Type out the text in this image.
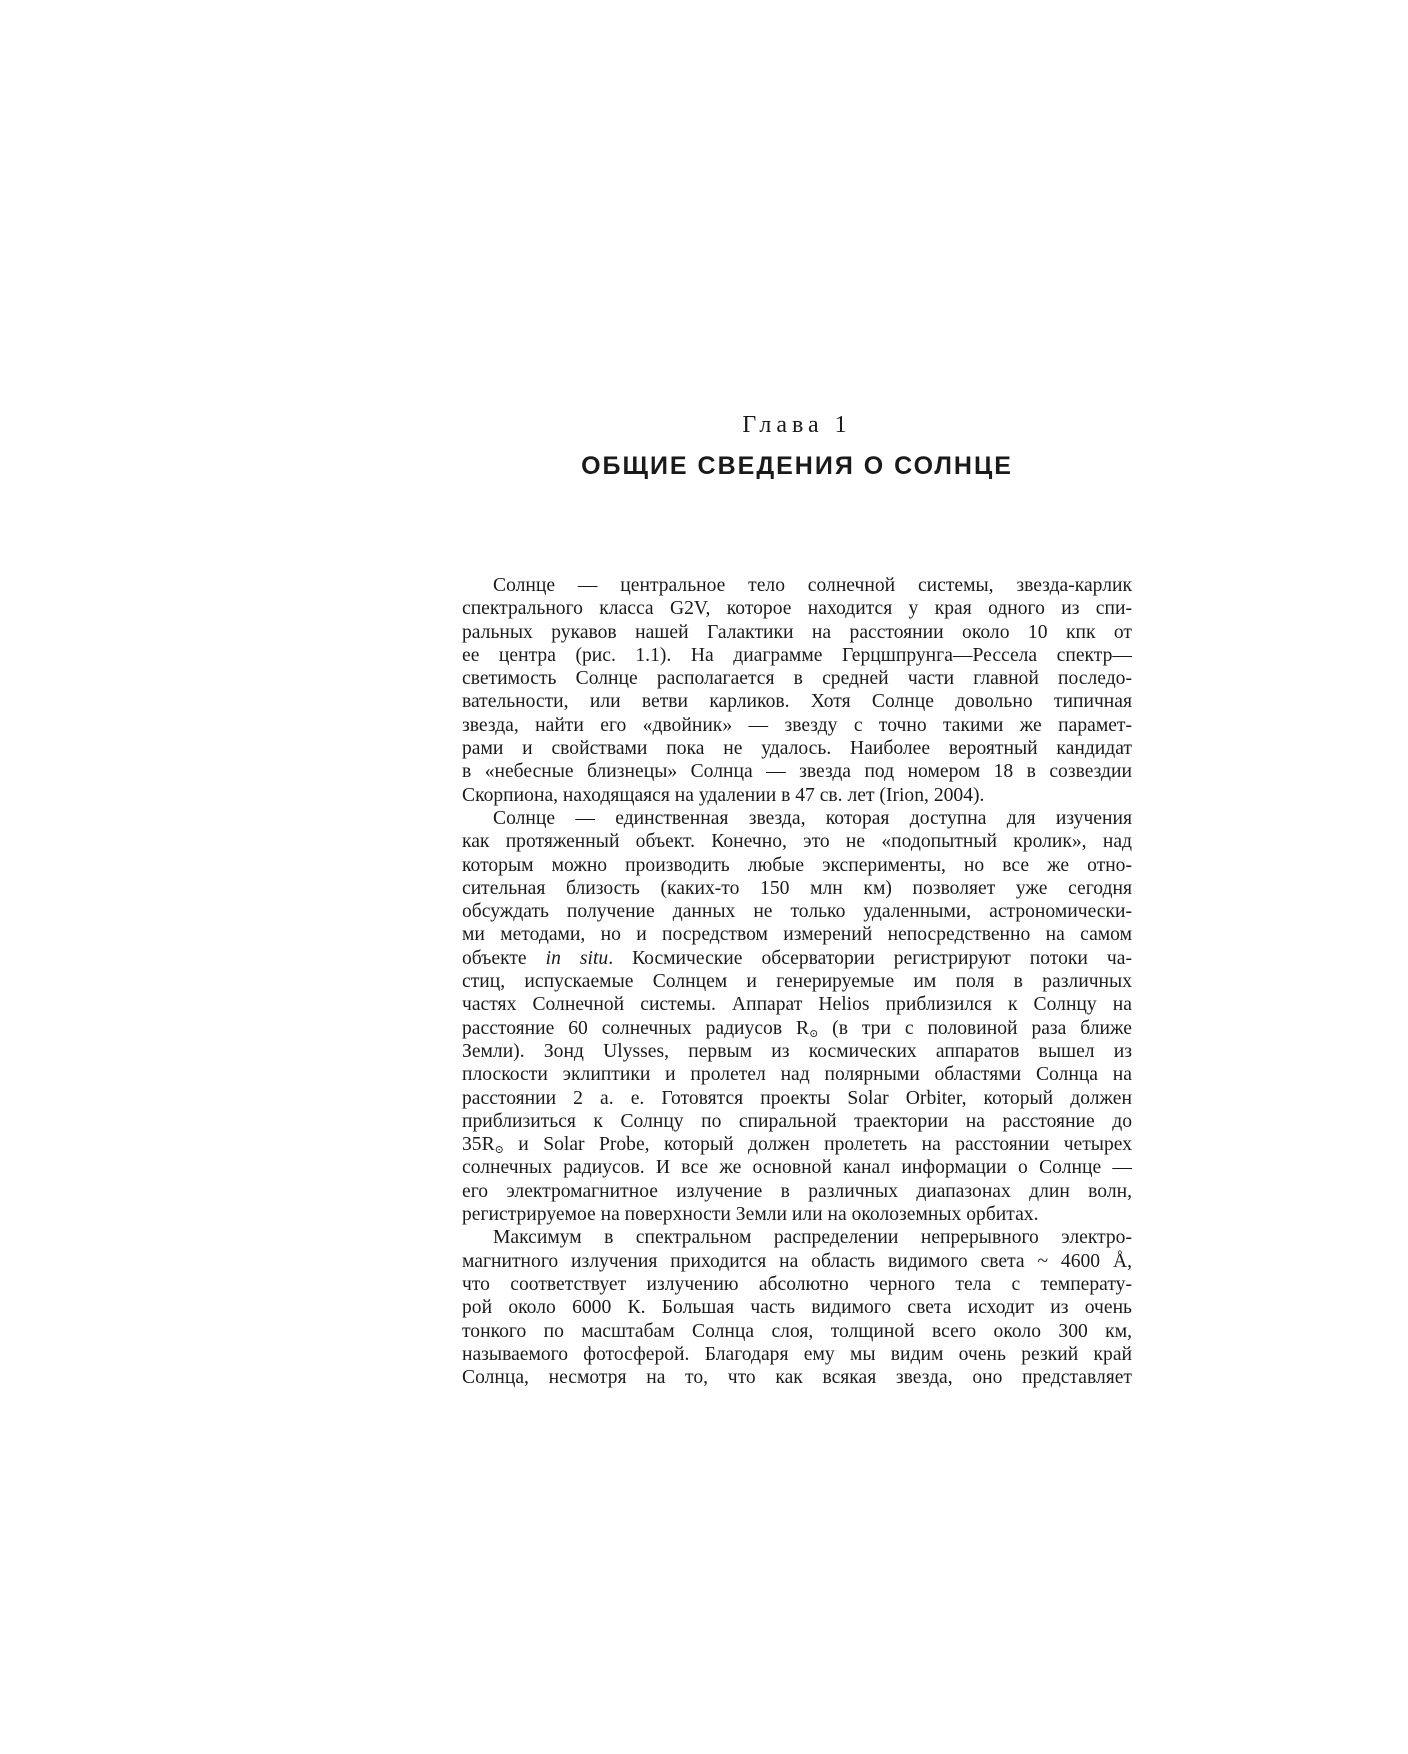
Глава 1
ОБЩИЕ СВЕДЕНИЯ О СОЛНЦЕ
Солнце — центральное тело солнечной системы, звезда-карлик
спектрального класса G2V, которое находится у края одного из спи-
ральных рукавов нашей Галактики на расстоянии около 10 кпк от
ее центра (рис. 1.1). На диаграмме Герцшпрунга—Рессела спектр—
светимость Солнце располагается в средней части главной последо-
вательности, или ветви карликов. Хотя Солнце довольно типичная
звезда, найти его «двойник» — звезду с точно такими же парамет-
рами и свойствами пока не удалось. Наиболее вероятный кандидат
в «небесные близнецы» Солнца — звезда под номером 18 в созвездии
Скорпиона, находящаяся на удалении в 47 св. лет (Irion, 2004).
Солнце — единственная звезда, которая доступна для изучения
как протяженный объект. Конечно, это не «подопытный кролик», над
которым можно производить любые эксперименты, но все же отно-
сительная близость (каких-то 150 млн км) позволяет уже сегодня
обсуждать получение данных не только удаленными, астрономически-
ми методами, но и посредством измерений непосредственно на самом
объекте in situ. Космические обсерватории регистрируют потоки ча-
стиц, испускаемые Солнцем и генерируемые им поля в различных
частях Солнечной системы. Аппарат Helios приблизился к Солнцу на
расстояние 60 солнечных радиусов $R_⊙$ (в три с половиной раза ближе
Земли). Зонд Ulysses, первым из космических аппаратов вышел из
плоскости эклиптики и пролетел над полярными областями Солнца на
расстоянии 2 а. е. Готовятся проекты Solar Orbiter, который должен
приблизиться к Солнцу по спиральной траектории на расстояние до
$35R_⊙$ и Solar Probe, который должен пролететь на расстоянии четырех
солнечных радиусов. И все же основной канал информации о Солнце —
его электромагнитное излучение в различных диапазонах длин волн,
регистрируемое на поверхности Земли или на околоземных орбитах.
Максимум в спектральном распределении непрерывного электро-
магнитного излучения приходится на область видимого света ~ 4600 Å,
что соответствует излучению абсолютно черного тела с температу-
рой около 6000 К. Большая часть видимого света исходит из очень
тонкого по масштабам Солнца слоя, толщиной всего около 300 км,
называемого фотосферой. Благодаря ему мы видим очень резкий край
Солнца, несмотря на то, что как всякая звезда, оно представляет
